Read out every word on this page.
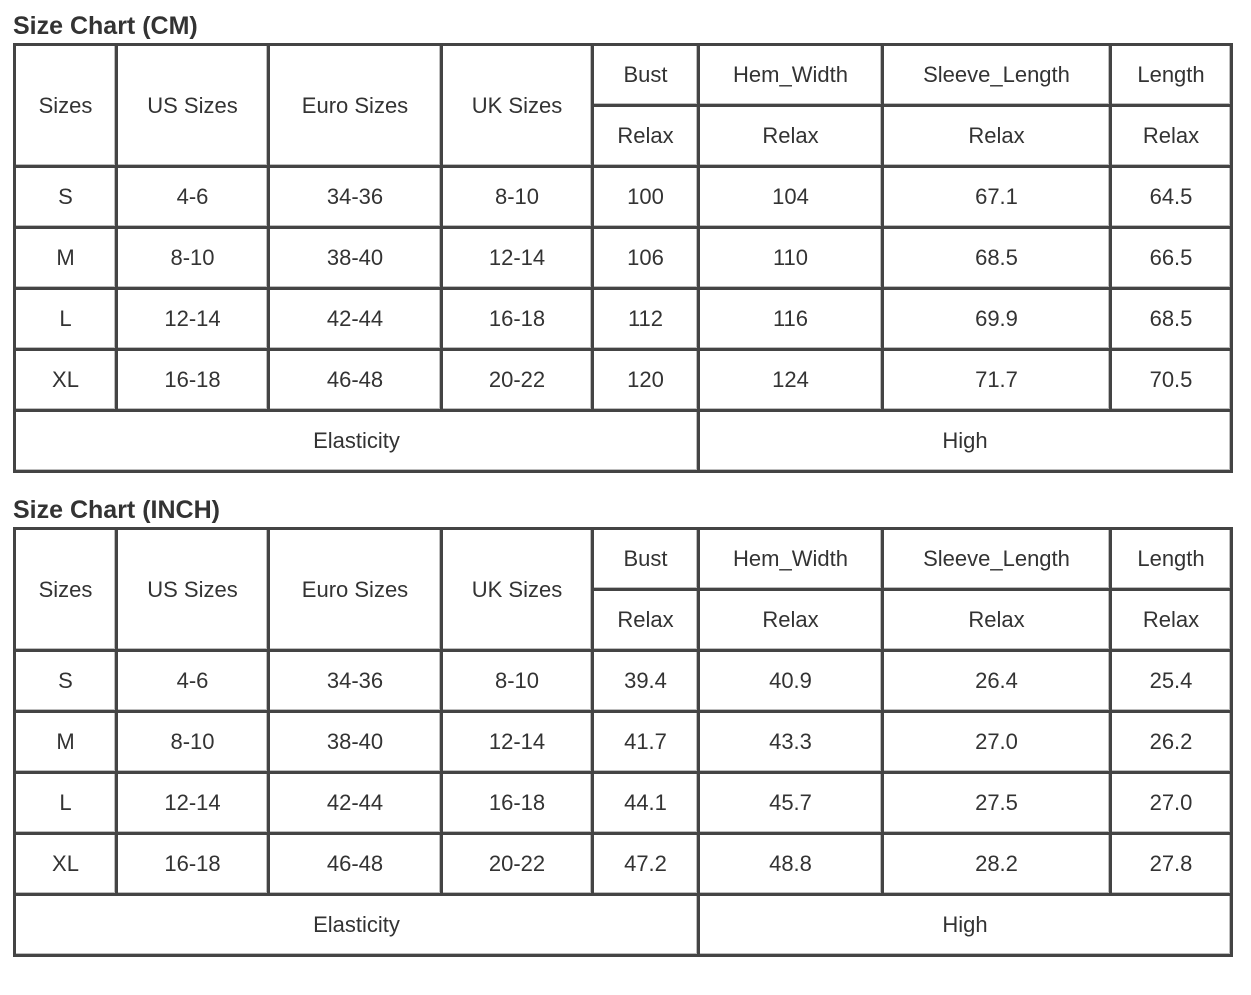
Size Chart (CM)
Sizes	US Sizes	Euro Sizes	UK Sizes	Bust	Hem_Width	Sleeve_Length	Length
				Relax	Relax	Relax	Relax
S	4-6	34-36	8-10	100	104	67.1	64.5
M	8-10	38-40	12-14	106	110	68.5	66.5
L	12-14	42-44	16-18	112	116	69.9	68.5
XL	16-18	46-48	20-22	120	124	71.7	70.5
Elasticity					High		
Size Chart (INCH)
Sizes	US Sizes	Euro Sizes	UK Sizes	Bust	Hem_Width	Sleeve_Length	Length
				Relax	Relax	Relax	Relax
S	4-6	34-36	8-10	39.4	40.9	26.4	25.4
M	8-10	38-40	12-14	41.7	43.3	27.0	26.2
L	12-14	42-44	16-18	44.1	45.7	27.5	27.0
XL	16-18	46-48	20-22	47.2	48.8	28.2	27.8
Elasticity					High		
